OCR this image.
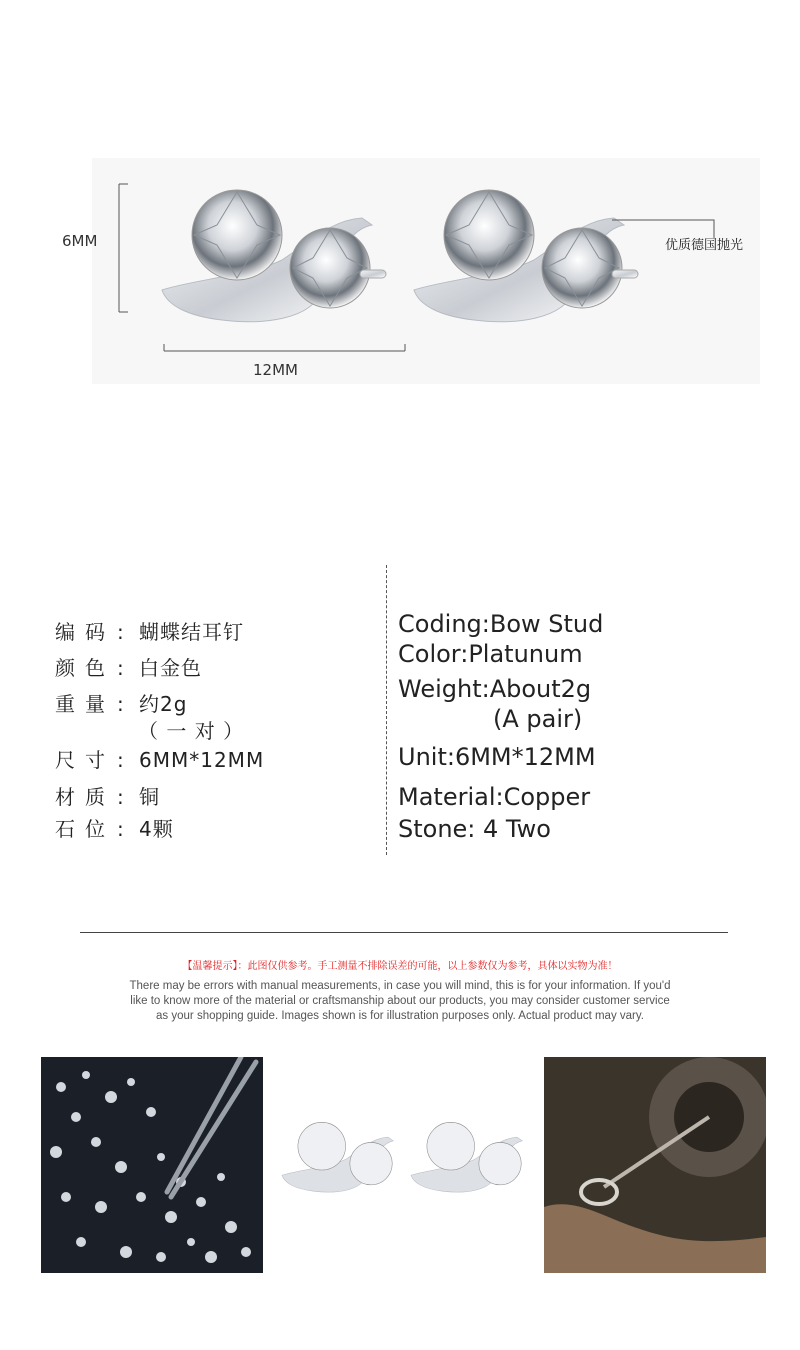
6MM
12MM
优质德国抛光
编码 : 蝴蝶结耳钉
颜色 : 白金色
重量 : 约2g
（ 一 对 ）
尺寸 : 6MM*12MM
材质 : 铜
石位 : 4颗
Coding:Bow Stud
Color:Platunum
Weight:About2g
(A pair)
Unit:6MM*12MM
Material:Copper
Stone: 4 Two
【温馨提示】：此图仅供参考。手工测量不排除误差的可能，以上参数仅为参考，具体以实物为准！
There may be errors with manual measurements, in case you will mind, this is for your information. If you'd
like to know more of the material or craftsmanship about our products, you may consider customer service
as your shopping guide. Images shown is for illustration purposes only. Actual product may vary.
